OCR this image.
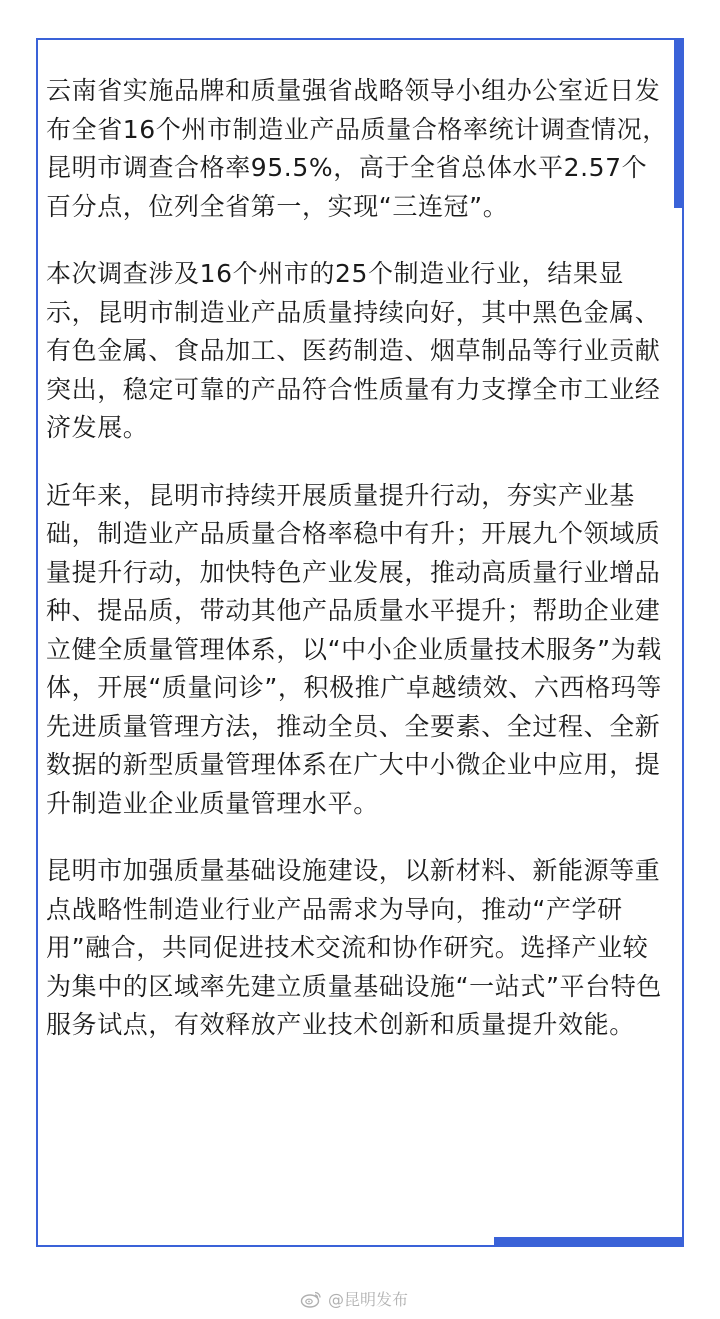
云南省实施品牌和质量强省战略领导小组办公室近日发布全省16个州市制造业产品质量合格率统计调查情况，昆明市调查合格率95.5%，高于全省总体水平2.57个百分点，位列全省第一，实现“三连冠”。

本次调查涉及16个州市的25个制造业行业，结果显示，昆明市制造业产品质量持续向好，其中黑色金属、有色金属、食品加工、医药制造、烟草制品等行业贡献突出，稳定可靠的产品符合性质量有力支撑全市工业经济发展。

近年来，昆明市持续开展质量提升行动，夯实产业基础，制造业产品质量合格率稳中有升；开展九个领域质量提升行动，加快特色产业发展，推动高质量行业增品种、提品质，带动其他产品质量水平提升；帮助企业建立健全质量管理体系，以“中小企业质量技术服务”为载体，开展“质量问诊”，积极推广卓越绩效、六西格玛等先进质量管理方法，推动全员、全要素、全过程、全新数据的新型质量管理体系在广大中小微企业中应用，提升制造业企业质量管理水平。

昆明市加强质量基础设施建设，以新材料、新能源等重点战略性制造业行业产品需求为导向，推动“产学研用”融合，共同促进技术交流和协作研究。选择产业较为集中的区域率先建立质量基础设施“一站式”平台特色服务试点，有效释放产业技术创新和质量提升效能。

@昆明发布
